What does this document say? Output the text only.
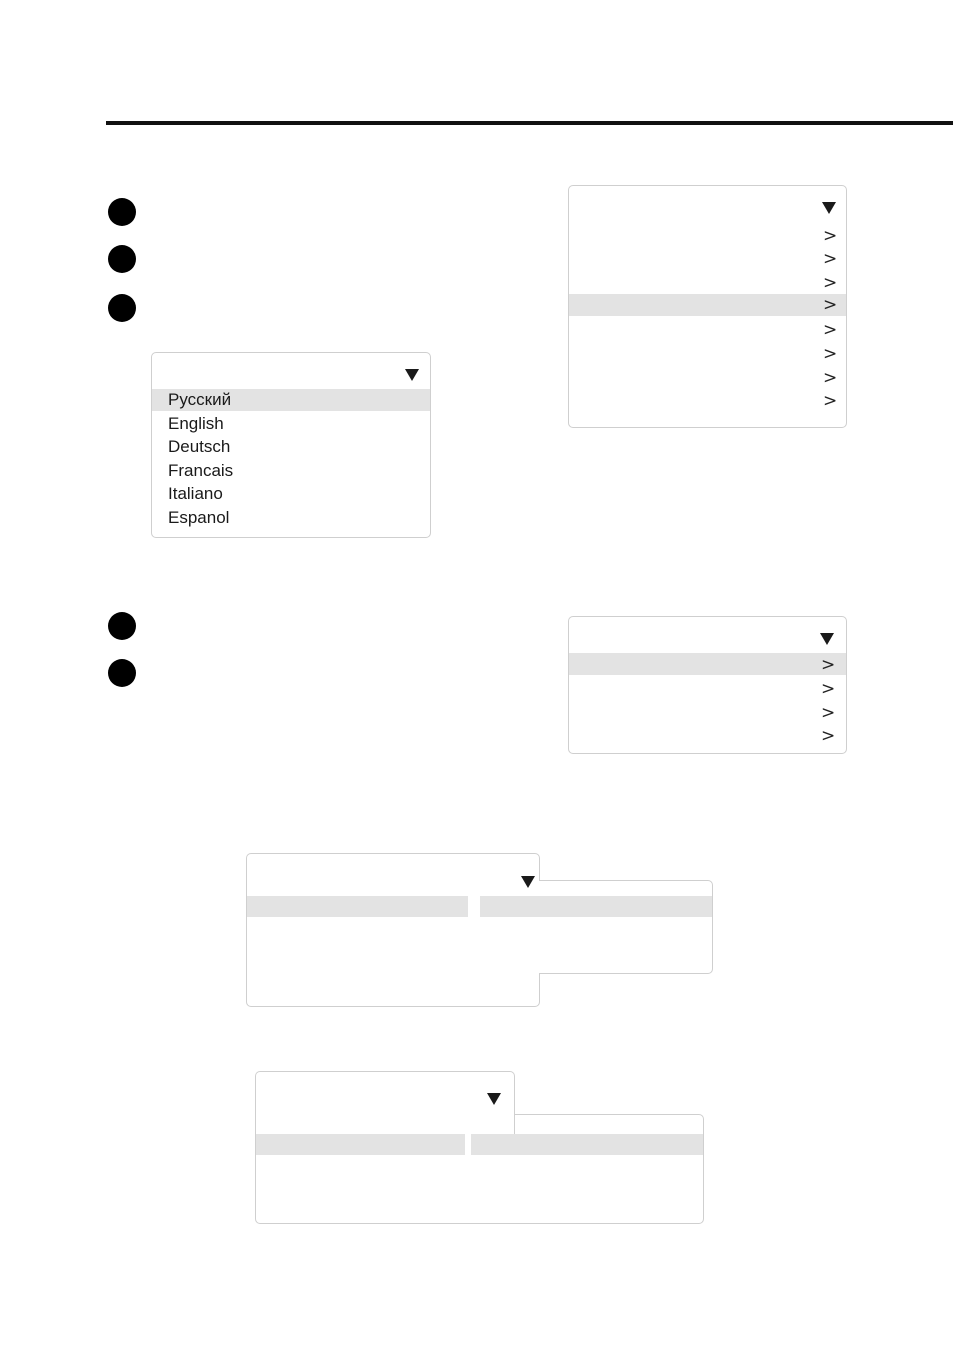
>
>
>
>
>
>
>
>
Русский
English
Deutsch
Francais
Italiano
Espanol
>
>
>
>
